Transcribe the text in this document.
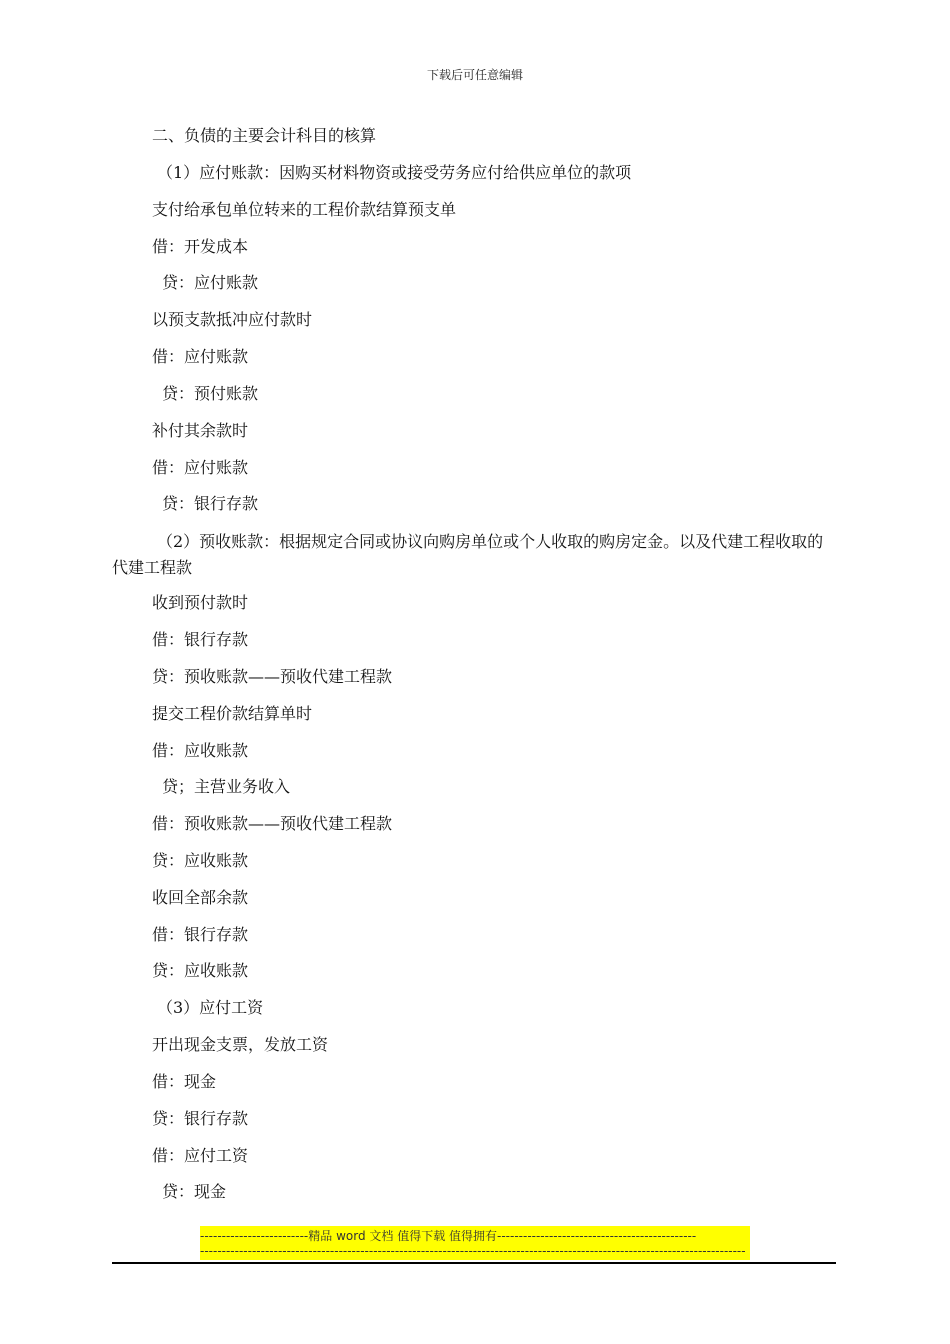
下载后可任意编辑
二、负债的主要会计科目的核算
（1）应付账款：因购买材料物资或接受劳务应付给供应单位的款项
支付给承包单位转来的工程价款结算预支单
借：开发成本
贷：应付账款
以预支款抵冲应付款时
借：应付账款
贷：预付账款
补付其余款时
借：应付账款
贷：银行存款
（2）预收账款：根据规定合同或协议向购房单位或个人收取的购房定金。以及代建工程收取的代建工程款
收到预付款时
借：银行存款
贷：预收账款——预收代建工程款
提交工程价款结算单时
借：应收账款
贷；主营业务收入
借：预收账款——预收代建工程款
贷：应收账款
收回全部余款
借：银行存款
贷：应收账款
（3）应付工资
开出现金支票，发放工资
借：现金
贷：银行存款
借：应付工资
贷：现金
-------------------------精品 word 文档 值得下载 值得拥有----------------------------------------------
------------------------------------------------------------------------------------------------------------------------------
